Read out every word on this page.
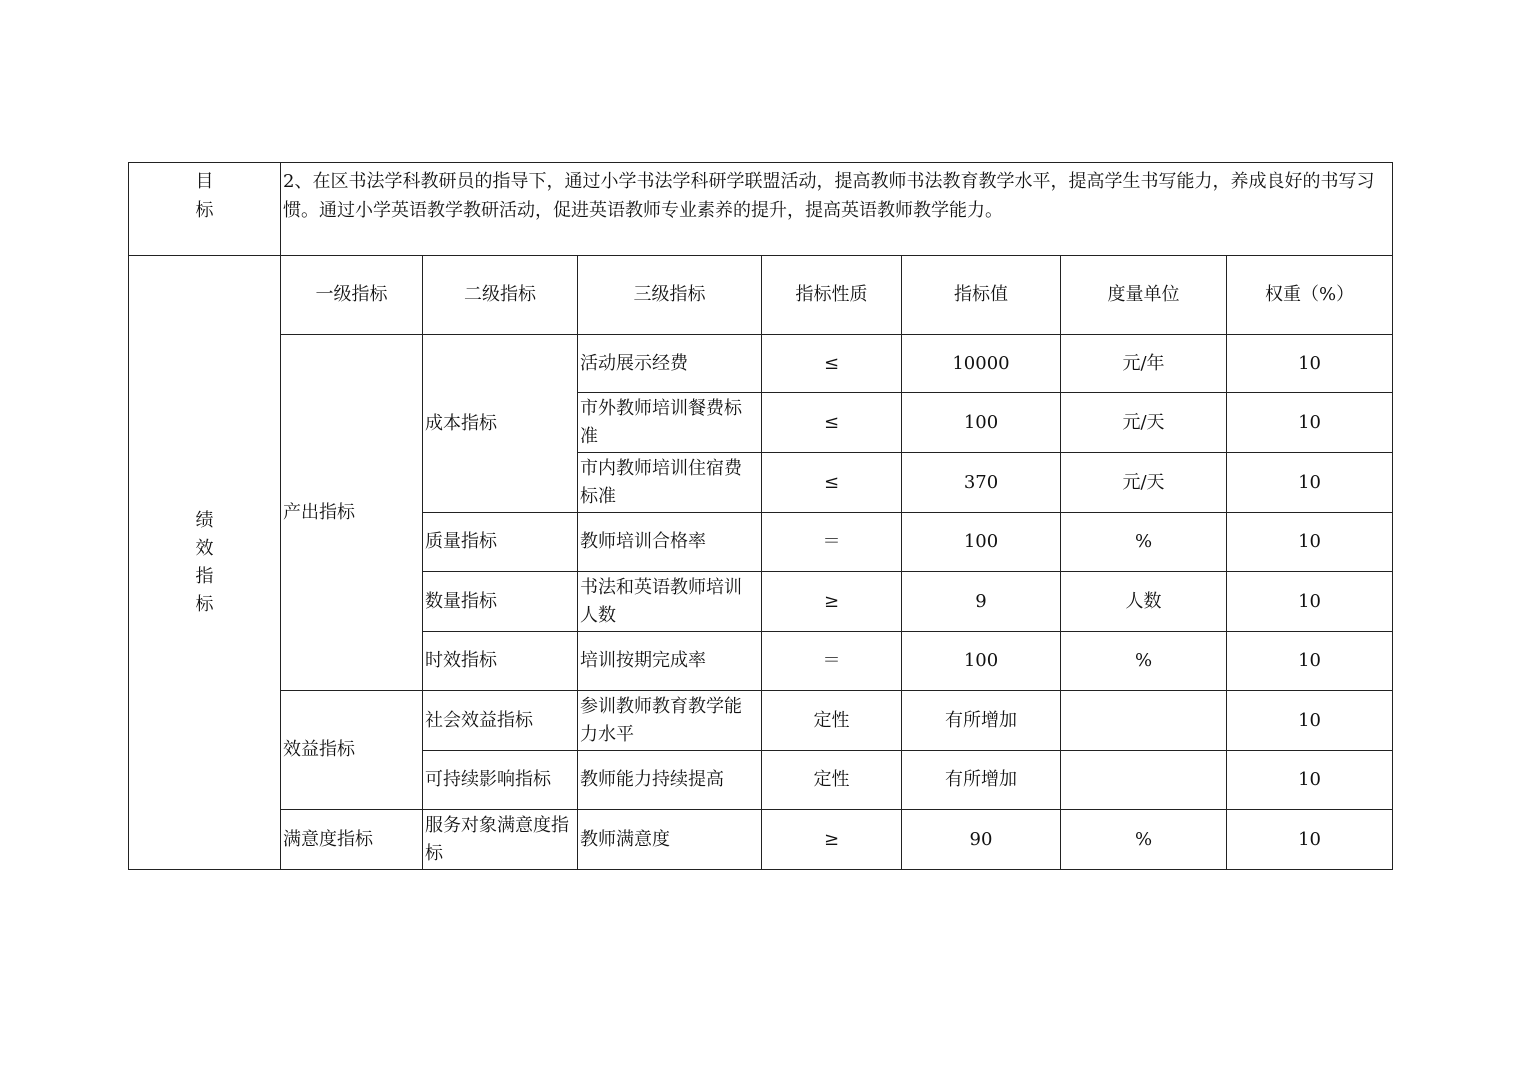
目
标	2、在区书法学科教研员的指导下，通过小学书法学科研学联盟活动，提高教师书法教育教学水平，提高学生书写能力，养成良好的书写习惯。通过小学英语教学教研活动，促进英语教师专业素养的提升，提高英语教师教学能力。						

绩
效
指
标	一级指标	二级指标	三级指标	指标性质	指标值	度量单位	权重（%）
	产出指标	成本指标	活动展示经费	≤	10000	元/年	10
			市外教师培训餐费标准	≤	100	元/天	10
			市内教师培训住宿费标准	≤	370	元/天	10
		质量指标	教师培训合格率	＝	100	%	10
		数量指标	书法和英语教师培训人数	≥	9	人数	10
		时效指标	培训按期完成率	＝	100	%	10
	效益指标	社会效益指标	参训教师教育教学能力水平	定性	有所增加		10
		可持续影响指标	教师能力持续提高	定性	有所增加		10
	满意度指标	服务对象满意度指标	教师满意度	≥	90	%	10
